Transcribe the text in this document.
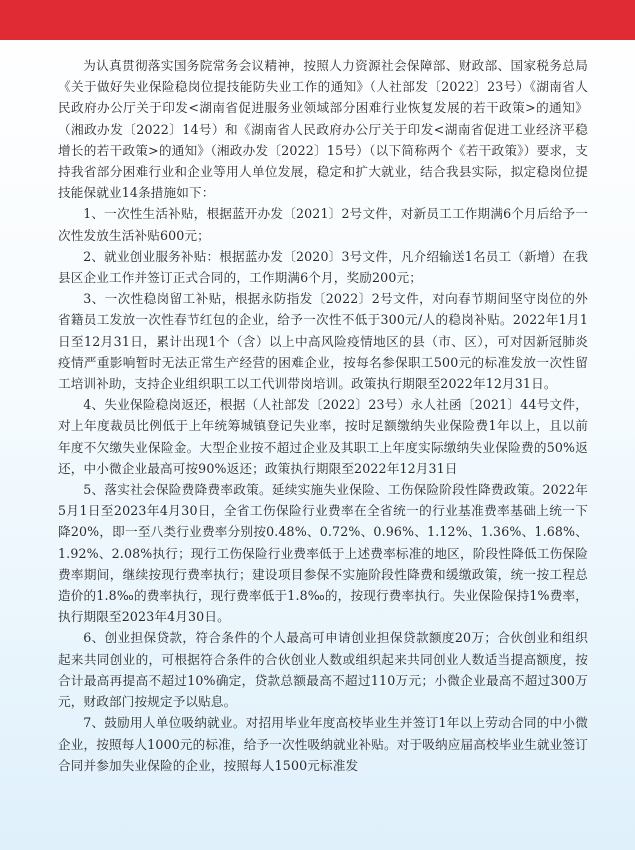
为认真贯彻落实国务院常务会议精神，按照人力资源社会保障部、财政部、国家税务总局《关于做好失业保险稳岗位提技能防失业工作的通知》（人社部发〔2022〕23号）《湖南省人民政府办公厅关于印发<湖南省促进服务业领域部分困难行业恢复发展的若干政策>的通知》（湘政办发〔2022〕14号）和《湖南省人民政府办公厅关于印发<湖南省促进工业经济平稳增长的若干政策>的通知》（湘政办发〔2022〕15号）（以下简称两个《若干政策》）要求，支持我省部分困难行业和企业等用人单位发展，稳定和扩大就业，结合我县实际，拟定稳岗位提技能保就业14条措施如下：

1、一次性生活补贴，根据蓝开办发〔2021〕2号文件，对新员工工作期满6个月后给予一次性发放生活补贴600元；

2、就业创业服务补贴：根据蓝办发〔2020〕3号文件，凡介绍输送1名员工（新增）在我县区企业工作并签订正式合同的，工作期满6个月，奖励200元；

3、一次性稳岗留工补贴，根据永防指发〔2022〕2号文件，对向春节期间坚守岗位的外省籍员工发放一次性春节红包的企业，给予一次性不低于300元/人的稳岗补贴。2022年1月1日至12月31日，累计出现1个（含）以上中高风险疫情地区的县（市、区），可对因新冠肺炎疫情严重影响暂时无法正常生产经营的困难企业，按每名参保职工500元的标准发放一次性留工培训补助，支持企业组织职工以工代训带岗培训。政策执行期限至2022年12月31日。

4、失业保险稳岗返还，根据（人社部发〔2022〕23号）永人社函〔2021〕44号文件，对上年度裁员比例低于上年统筹城镇登记失业率，按时足额缴纳失业保险费1年以上，且以前年度不欠缴失业保险金。大型企业按不超过企业及其职工上年度实际缴纳失业保险费的50%返还，中小微企业最高可按90%返还；政策执行期限至2022年12月31日

5、落实社会保险费降费率政策。延续实施失业保险、工伤保险阶段性降费政策。2022年5月1日至2023年4月30日，全省工伤保险行业费率在全省统一的行业基准费率基础上统一下降20%，即一至八类行业费率分别按0.48%、0.72%、0.96%、1.12%、1.36%、1.68%、1.92%、2.08%执行；现行工伤保险行业费率低于上述费率标准的地区，阶段性降低工伤保险费率期间，继续按现行费率执行；建设项目参保不实施阶段性降费和缓缴政策，统一按工程总造价的1.8‰的费率执行，现行费率低于1.8‰的，按现行费率执行。失业保险保持1%费率，执行期限至2023年4月30日。

6、创业担保贷款，符合条件的个人最高可申请创业担保贷款额度20万；合伙创业和组织起来共同创业的，可根据符合条件的合伙创业人数或组织起来共同创业人数适当提高额度，按合计最高再提高不超过10%确定，贷款总额最高不超过110万元；小微企业最高不超过300万元，财政部门按规定予以贴息。

7、鼓励用人单位吸纳就业。对招用毕业年度高校毕业生并签订1年以上劳动合同的中小微企业，按照每人1000元的标准，给予一次性吸纳就业补贴。对于吸纳应届高校毕业生就业签订合同并参加失业保险的企业，按照每人1500元标准发
